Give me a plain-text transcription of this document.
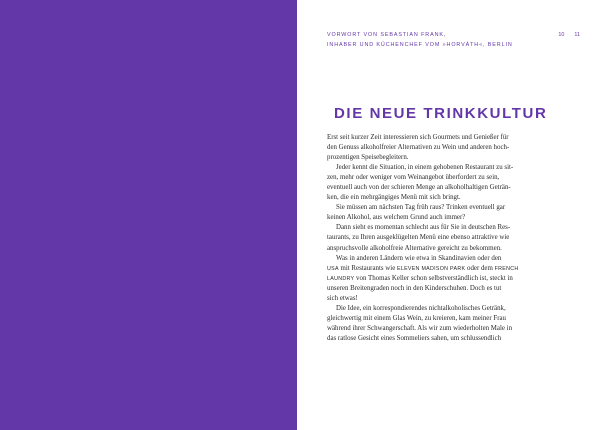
VORWORT VON SEBASTIAN FRANK,
INHABER UND KÜCHENCHEF VOM »HORVÁTH«, BERLIN
10 11
DIE NEUE TRINKKULTUR

Erst seit kurzer Zeit interessieren sich Gourmets und Genießer für

den Genuss alkoholfreier Alternativen zu Wein und anderen hoch-

prozentigen Speisebegleitern.

Jeder kennt die Situation, in einem gehobenen Restaurant zu sit-

zen, mehr oder weniger vom Weinangebot überfordert zu sein,

eventuell auch von der schieren Menge an alkoholhaltigen Geträn-

ken, die ein mehrgängiges Menü mit sich bringt.

Sie müssen am nächsten Tag früh raus? Trinken eventuell gar

keinen Alkohol, aus welchem Grund auch immer?

Dann sieht es momentan schlecht aus für Sie in deutschen Res-

taurants, zu Ihren ausgeklügelten Menü eine ebenso attraktive wie

anspruchsvolle alkoholfreie Alternative gereicht zu bekommen.

Was in anderen Ländern wie etwa in Skandinavien oder den

USA mit Restaurants wie ELEVEN MADISON PARK oder dem FRENCH

LAUNDRY von Thomas Keller schon selbstverständlich ist, steckt in

unseren Breitengraden noch in den Kinderschuhen. Doch es tut

sich etwas!

Die Idee, ein korrespondierendes nichtalkoholisches Getränk,

gleichwertig mit einem Glas Wein, zu kreieren, kam meiner Frau

während ihrer Schwangerschaft. Als wir zum wiederholten Male in

das ratlose Gesicht eines Sommeliers sahen, um schlussendlich
